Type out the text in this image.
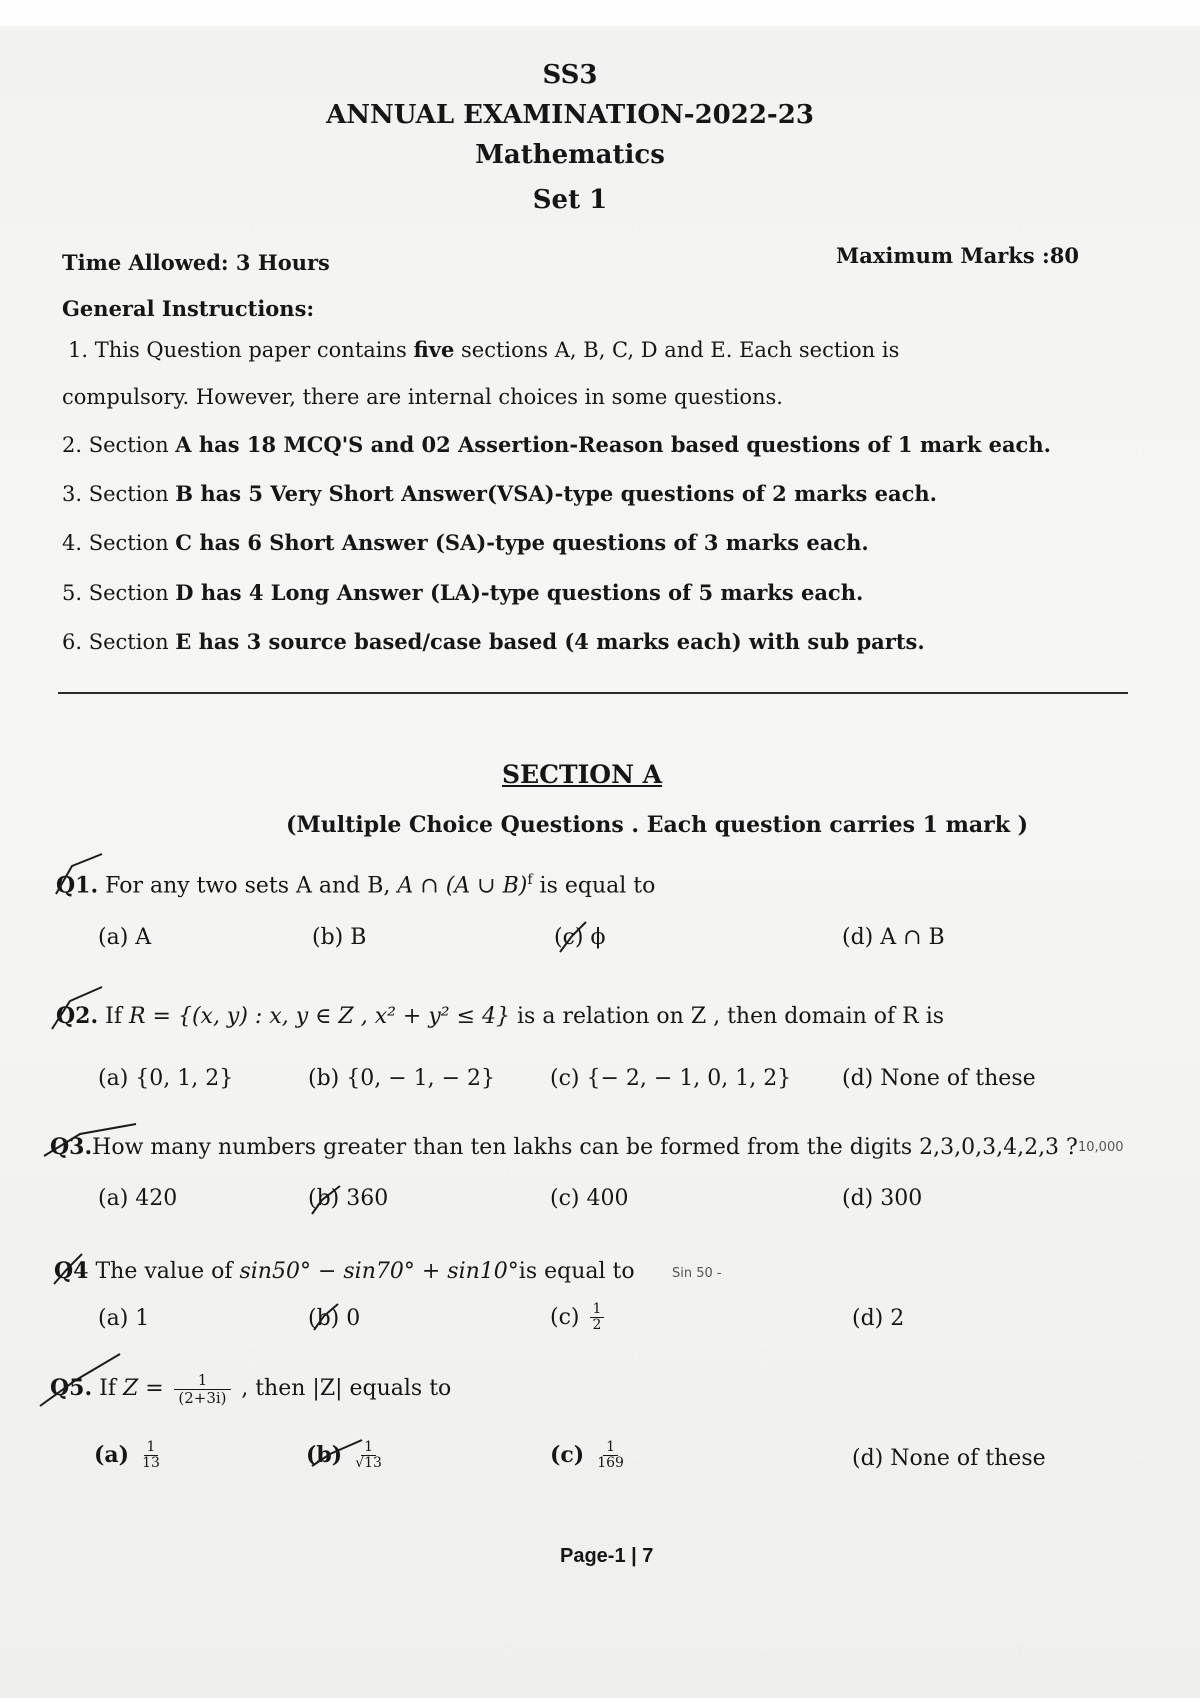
SS3
ANNUAL EXAMINATION-2022-23
Mathematics
Set 1
Time Allowed: 3 Hours	Maximum Marks :80
General Instructions:
1. This Question paper contains five sections A, B, C, D and E. Each section is
compulsory. However, there are internal choices in some questions.
2. Section A has 18 MCQ'S and 02 Assertion-Reason based questions of 1 mark each.
3. Section B has 5 Very Short Answer(VSA)-type questions of 2 marks each.
4. Section C has 6 Short Answer (SA)-type questions of 3 marks each.
5. Section D has 4 Long Answer (LA)-type questions of 5 marks each.
6. Section E has 3 source based/case based (4 marks each) with sub parts.
SECTION A
(Multiple Choice Questions . Each question carries 1 mark )
Q1. For any two sets A and B, A ∩ (A ∪ B)$^f$ is equal to
(a) A	(b) B	(c) ϕ	(d) A ∩ B
Q2. If R = {(x, y) : x, y ∈ Z , x² + y² ≤ 4} is a relation on Z , then domain of R is
(a) {0, 1, 2}	(b) {0, − 1, − 2} (c) {− 2, − 1, 0, 1, 2} (d) None of these
Q3.How many numbers greater than ten lakhs can be formed from the digits 2,3,0,3,4,2,3 ? 10,000
(a) 420	(b) 360	(c) 400	(d) 300
Q4 The value of sin50° − sin70° + sin10°is equal to	Sin 50 -
(a) 1	(b) 0	$(c) \frac{1}{2}$	(d) 2
Q5. If $Z = \frac{1}{(2+3i)}$ , then |Z| equals to
$(a) \frac{1}{13}$	$(b) \frac{1}{√13}$	$(c) \frac{1}{169}$	(d) None of these
Page-1 | 7
